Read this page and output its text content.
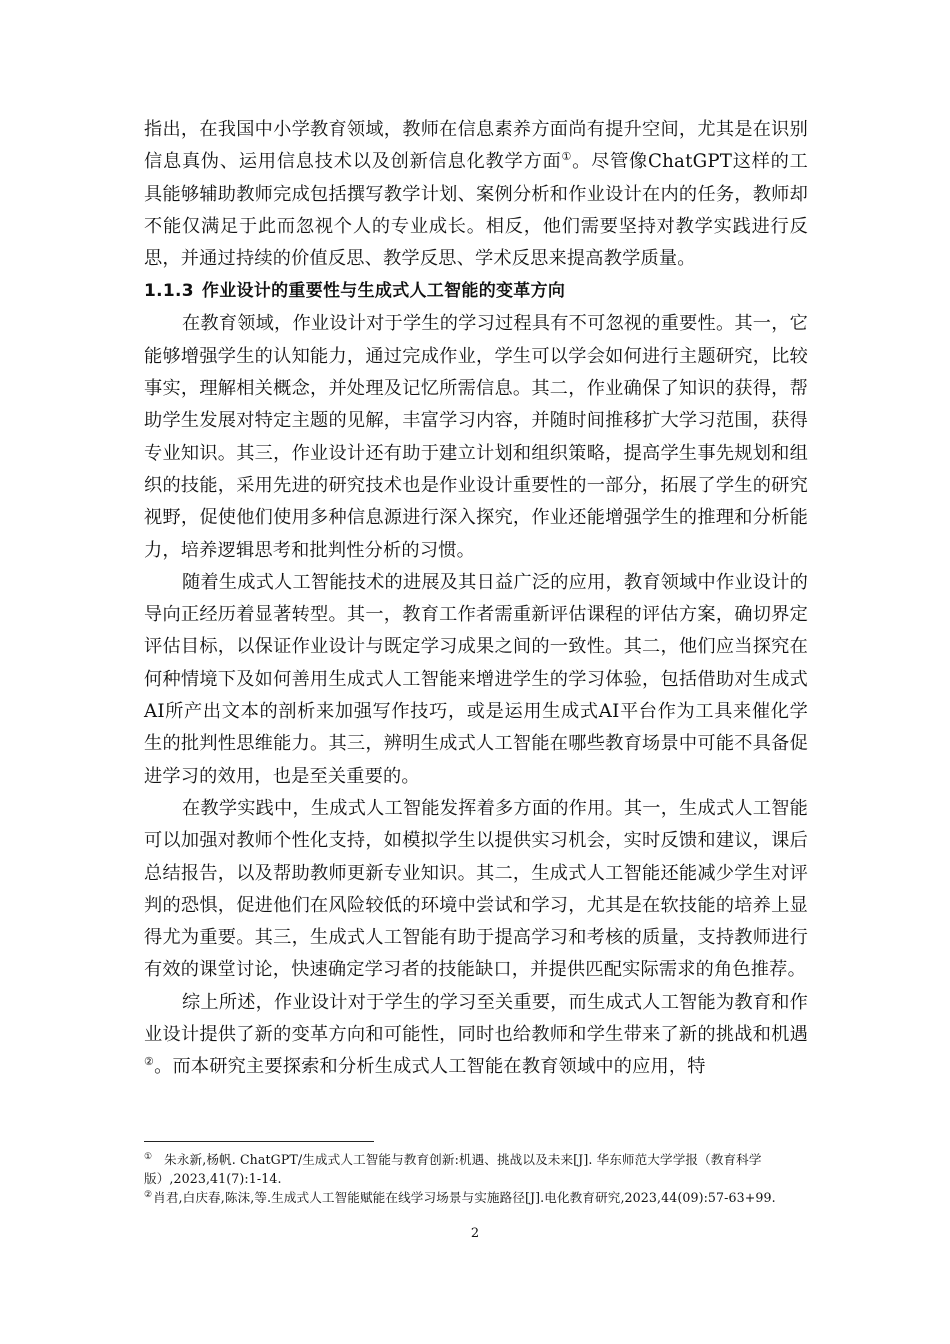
指出，在我国中小学教育领域，教师在信息素养方面尚有提升空间，尤其是在识别信息真伪、运用信息技术以及创新信息化教学方面①。尽管像ChatGPT这样的工具能够辅助教师完成包括撰写教学计划、案例分析和作业设计在内的任务，教师却不能仅满足于此而忽视个人的专业成长。相反，他们需要坚持对教学实践进行反思，并通过持续的价值反思、教学反思、学术反思来提高教学质量。

1.1.3 作业设计的重要性与生成式人工智能的变革方向

在教育领域，作业设计对于学生的学习过程具有不可忽视的重要性。其一，它能够增强学生的认知能力，通过完成作业，学生可以学会如何进行主题研究，比较事实，理解相关概念，并处理及记忆所需信息。其二，作业确保了知识的获得，帮助学生发展对特定主题的见解，丰富学习内容，并随时间推移扩大学习范围，获得专业知识。其三，作业设计还有助于建立计划和组织策略，提高学生事先规划和组织的技能，采用先进的研究技术也是作业设计重要性的一部分，拓展了学生的研究视野，促使他们使用多种信息源进行深入探究，作业还能增强学生的推理和分析能力，培养逻辑思考和批判性分析的习惯。

随着生成式人工智能技术的进展及其日益广泛的应用，教育领域中作业设计的导向正经历着显著转型。其一，教育工作者需重新评估课程的评估方案，确切界定评估目标，以保证作业设计与既定学习成果之间的一致性。其二，他们应当探究在何种情境下及如何善用生成式人工智能来增进学生的学习体验，包括借助对生成式AI所产出文本的剖析来加强写作技巧，或是运用生成式AI平台作为工具来催化学生的批判性思维能力。其三，辨明生成式人工智能在哪些教育场景中可能不具备促进学习的效用，也是至关重要的。

在教学实践中，生成式人工智能发挥着多方面的作用。其一，生成式人工智能可以加强对教师个性化支持，如模拟学生以提供实习机会，实时反馈和建议，课后总结报告，以及帮助教师更新专业知识。其二，生成式人工智能还能减少学生对评判的恐惧，促进他们在风险较低的环境中尝试和学习，尤其是在软技能的培养上显得尤为重要。其三，生成式人工智能有助于提高学习和考核的质量，支持教师进行有效的课堂讨论，快速确定学习者的技能缺口，并提供匹配实际需求的角色推荐。

综上所述，作业设计对于学生的学习至关重要，而生成式人工智能为教育和作业设计提供了新的变革方向和可能性，同时也给教师和学生带来了新的挑战和机遇②。而本研究主要探索和分析生成式人工智能在教育领域中的应用，特

① 朱永新,杨帆. ChatGPT/生成式人工智能与教育创新:机遇、挑战以及未来[J]. 华东师范大学学报（教育科学版）,2023,41(7):1-14.

②肖君,白庆春,陈沫,等.生成式人工智能赋能在线学习场景与实施路径[J].电化教育研究,2023,44(09):57-63+99.

2
